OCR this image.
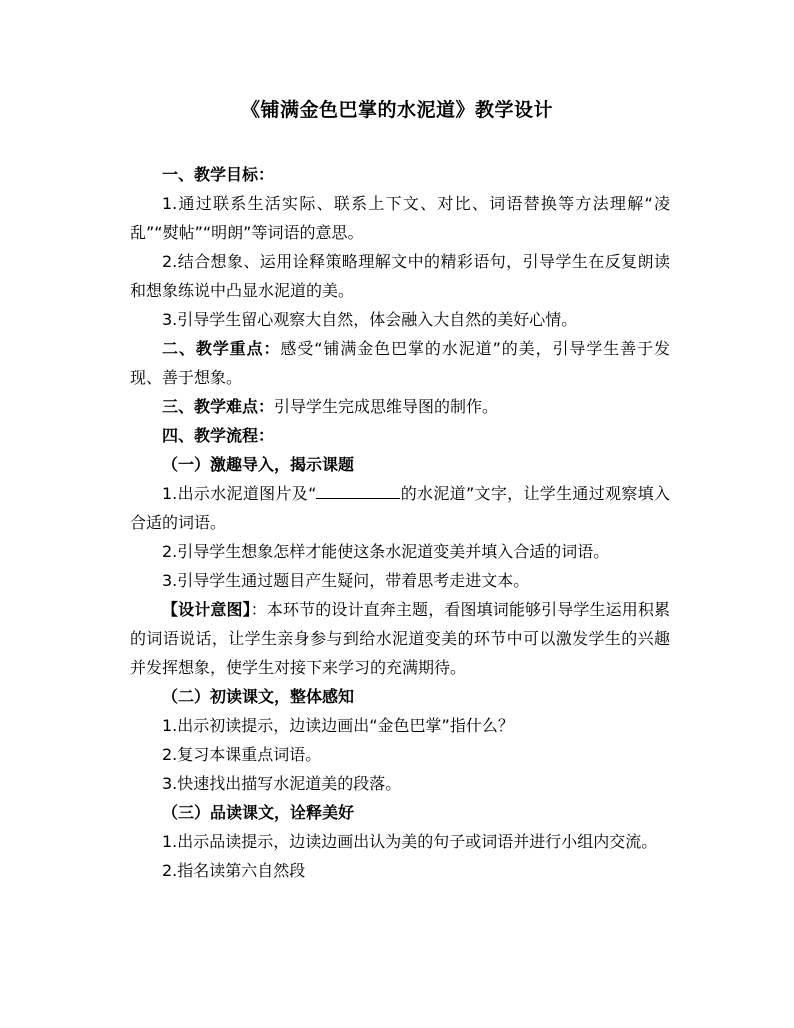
《铺满金色巴掌的水泥道》教学设计

一、教学目标：

1.通过联系生活实际、联系上下文、对比、词语替换等方法理解“凌乱”“熨帖”“明朗”等词语的意思。

2.结合想象、运用诠释策略理解文中的精彩语句，引导学生在反复朗读和想象练说中凸显水泥道的美。

3.引导学生留心观察大自然，体会融入大自然的美好心情。

二、教学重点：感受“铺满金色巴掌的水泥道”的美，引导学生善于发现、善于想象。

三、教学难点：引导学生完成思维导图的制作。

四、教学流程：

（一）激趣导入，揭示课题

1.出示水泥道图片及“	的水泥道”文字，让学生通过观察填入合适的词语。

2.引导学生想象怎样才能使这条水泥道变美并填入合适的词语。

3.引导学生通过题目产生疑问，带着思考走进文本。

【设计意图】：本环节的设计直奔主题，看图填词能够引导学生运用积累的词语说话，让学生亲身参与到给水泥道变美的环节中可以激发学生的兴趣并发挥想象，使学生对接下来学习的充满期待。

（二）初读课文，整体感知

1.出示初读提示，边读边画出“金色巴掌”指什么？

2.复习本课重点词语。

3.快速找出描写水泥道美的段落。

（三）品读课文，诠释美好

1.出示品读提示，边读边画出认为美的句子或词语并进行小组内交流。

2.指名读第六自然段
